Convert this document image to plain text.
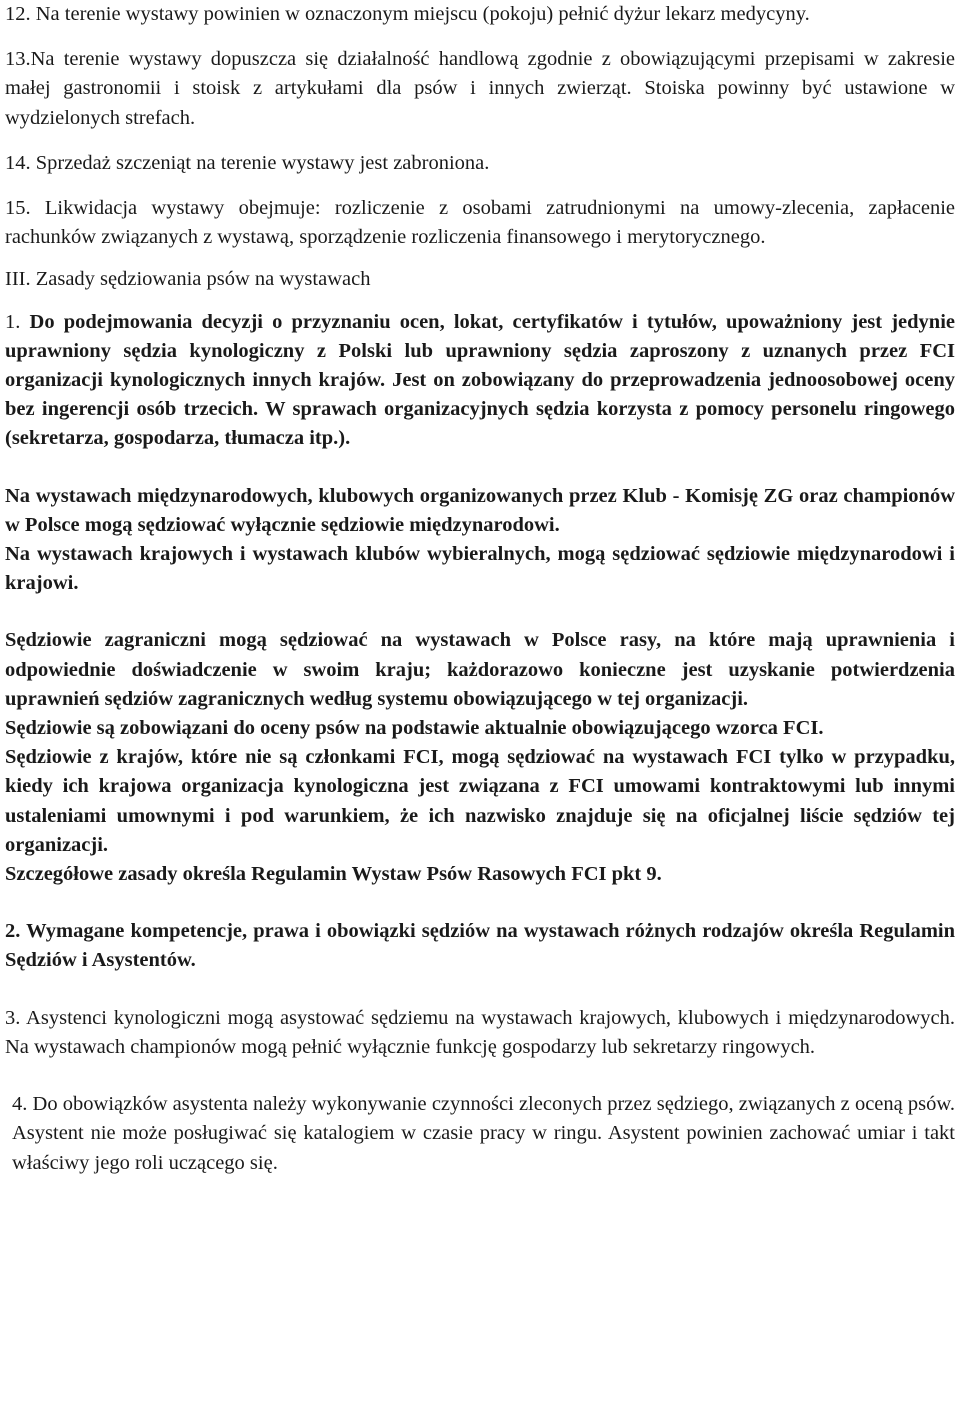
12. Na terenie wystawy powinien w oznaczonym miejscu (pokoju) pełnić dyżur lekarz medycyny.

13.Na terenie wystawy dopuszcza się działalność handlową zgodnie z obowiązującymi przepisami w zakresie małej gastronomii i stoisk z artykułami dla psów i innych zwierząt. Stoiska powinny być ustawione w wydzielonych strefach.

14. Sprzedaż szczeniąt na terenie wystawy jest zabroniona.

15. Likwidacja wystawy obejmuje: rozliczenie z osobami zatrudnionymi na umowy-zlecenia, zapłacenie rachunków związanych z wystawą, sporządzenie rozliczenia finansowego i merytorycznego.

III. Zasady sędziowania psów na wystawach

1. Do podejmowania decyzji o przyznaniu ocen, lokat, certyfikatów i tytułów, upoważniony jest jedynie uprawniony sędzia kynologiczny z Polski lub uprawniony sędzia zaproszony z uznanych przez FCI organizacji kynologicznych innych krajów. Jest on zobowiązany do przeprowadzenia jednoosobowej oceny bez ingerencji osób trzecich. W sprawach organizacyjnych sędzia korzysta z pomocy personelu ringowego (sekretarza, gospodarza, tłumacza itp.).

Na wystawach międzynarodowych, klubowych organizowanych przez Klub - Komisję ZG oraz championów w Polsce mogą sędziować wyłącznie sędziowie międzynarodowi.

Na wystawach krajowych i wystawach klubów wybieralnych, mogą sędziować sędziowie międzynarodowi i krajowi.

Sędziowie zagraniczni mogą sędziować na wystawach w Polsce rasy, na które mają uprawnienia i odpowiednie doświadczenie w swoim kraju; każdorazowo konieczne jest uzyskanie potwierdzenia uprawnień sędziów zagranicznych według systemu obowiązującego w tej organizacji.

Sędziowie są zobowiązani do oceny psów na podstawie aktualnie obowiązującego wzorca FCI.

Sędziowie z krajów, które nie są członkami FCI, mogą sędziować na wystawach FCI tylko w przypadku, kiedy ich krajowa organizacja kynologiczna jest związana z FCI umowami kontraktowymi lub innymi ustaleniami umownymi i pod warunkiem, że ich nazwisko znajduje się na oficjalnej liście sędziów tej organizacji.

Szczegółowe zasady określa Regulamin Wystaw Psów Rasowych FCI pkt 9.

2. Wymagane kompetencje, prawa i obowiązki sędziów na wystawach różnych rodzajów określa Regulamin Sędziów i Asystentów.

3. Asystenci kynologiczni mogą asystować sędziemu na wystawach krajowych, klubowych i międzynarodowych. Na wystawach championów mogą pełnić wyłącznie funkcję gospodarzy lub sekretarzy ringowych.

4. Do obowiązków asystenta należy wykonywanie czynności zleconych przez sędziego, związanych z oceną psów. Asystent nie może posługiwać się katalogiem w czasie pracy w ringu. Asystent powinien zachować umiar i takt właściwy jego roli uczącego się.
